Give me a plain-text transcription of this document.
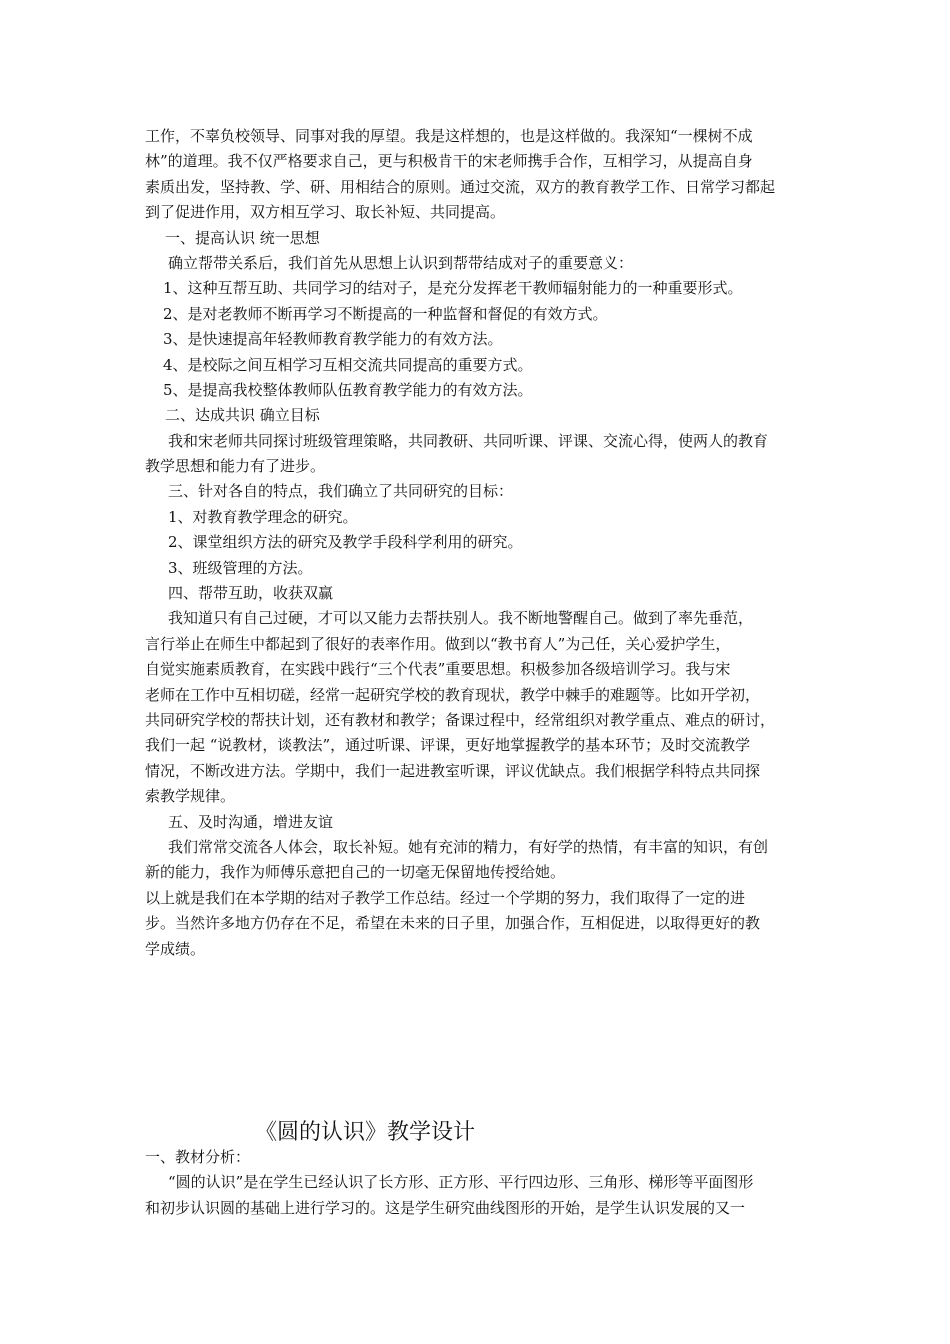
工作，不辜负校领导、同事对我的厚望。我是这样想的，也是这样做的。我深知“一棵树不成
林”的道理。我不仅严格要求自己，更与积极肯干的宋老师携手合作，互相学习，从提高自身
素质出发，坚持教、学、研、用相结合的原则。通过交流，双方的教育教学工作、日常学习都起
到了促进作用，双方相互学习、取长补短、共同提高。
一、提高认识 统一思想
确立帮带关系后，我们首先从思想上认识到帮带结成对子的重要意义：
1、这种互帮互助、共同学习的结对子，是充分发挥老干教师辐射能力的一种重要形式。
2、是对老教师不断再学习不断提高的一种监督和督促的有效方式。
3、是快速提高年轻教师教育教学能力的有效方法。
4、是校际之间互相学习互相交流共同提高的重要方式。
5、是提高我校整体教师队伍教育教学能力的有效方法。
二、达成共识 确立目标
我和宋老师共同探讨班级管理策略，共同教研、共同听课、评课、交流心得，使两人的教育
教学思想和能力有了进步。
三、针对各自的特点，我们确立了共同研究的目标：
1、对教育教学理念的研究。
2、课堂组织方法的研究及教学手段科学利用的研究。
3、班级管理的方法。
四、帮带互助，收获双赢
我知道只有自己过硬，才可以又能力去帮扶别人。我不断地警醒自己。做到了率先垂范，
言行举止在师生中都起到了很好的表率作用。做到以“教书育人”为己任，关心爱护学生，
自觉实施素质教育，在实践中践行“三个代表”重要思想。积极参加各级培训学习。我与宋
老师在工作中互相切磋，经常一起研究学校的教育现状，教学中棘手的难题等。比如开学初，
共同研究学校的帮扶计划，还有教材和教学；备课过程中，经常组织对教学重点、难点的研讨，
我们一起 “说教材，谈教法”，通过听课、评课，更好地掌握教学的基本环节；及时交流教学
情况，不断改进方法。学期中，我们一起进教室听课，评议优缺点。我们根据学科特点共同探
索教学规律。
五、及时沟通，增进友谊
我们常常交流各人体会，取长补短。她有充沛的精力，有好学的热情，有丰富的知识，有创
新的能力，我作为师傅乐意把自己的一切毫无保留地传授给她。
以上就是我们在本学期的结对子教学工作总结。经过一个学期的努力，我们取得了一定的进
步。当然许多地方仍存在不足，希望在未来的日子里，加强合作，互相促进，以取得更好的教
学成绩。
《圆的认识》教学设计
一、教材分析：
“圆的认识”是在学生已经认识了长方形、正方形、平行四边形、三角形、梯形等平面图形
和初步认识圆的基础上进行学习的。这是学生研究曲线图形的开始，是学生认识发展的又一
